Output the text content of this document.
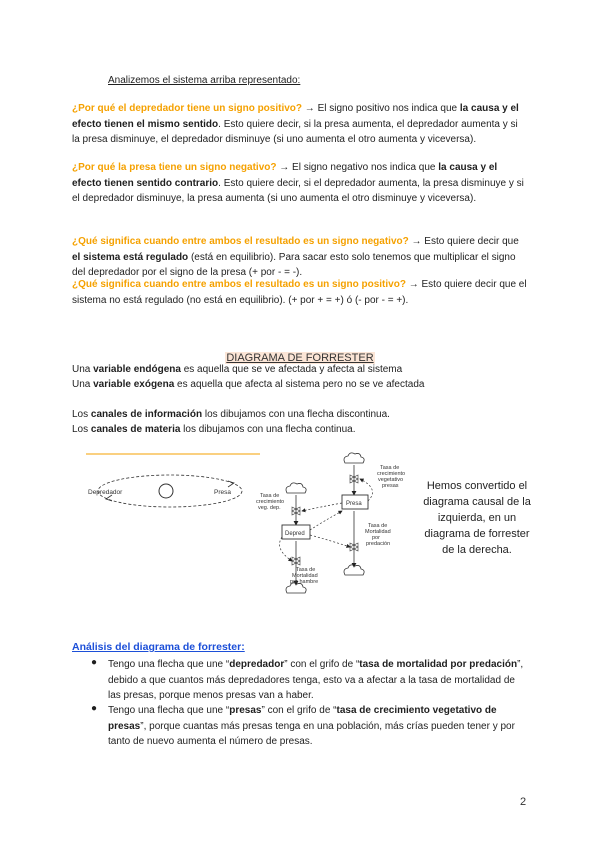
Analizemos el sistema arriba representado:
¿Por qué el depredador tiene un signo positivo? → El signo positivo nos indica que la causa y el efecto tienen el mismo sentido. Esto quiere decir, si la presa aumenta, el depredador aumenta y si la presa disminuye, el depredador disminuye (si uno aumenta el otro aumenta y viceversa).
¿Por qué la presa tiene un signo negativo? → El signo negativo nos indica que la causa y el efecto tienen sentido contrario. Esto quiere decir, si el depredador aumenta, la presa disminuye y si el depredador disminuye, la presa aumenta (si uno aumenta el otro disminuye y viceversa).
¿Qué significa cuando entre ambos el resultado es un signo negativo? → Esto quiere decir que el sistema está regulado (está en equilibrio). Para sacar esto solo tenemos que multiplicar el signo del depredador por el signo de la presa (+ por - = -).
¿Qué significa cuando entre ambos el resultado es un signo positivo? → Esto quiere decir que el sistema no está regulado (no está en equilibrio). (+ por + = +) ó (- por - = +).
DIAGRAMA DE FORRESTER
Una variable endógena es aquella que se ve afectada y afecta al sistema
Una variable exógena es aquella que afecta al sistema pero no se ve afectada
Los canales de información los dibujamos con una flecha discontinua.
Los canales de materia los dibujamos con una flecha continua.
Depredador	Presa
Presa
Depred
Tasa de crecimiento vegetativo presas
Tasa de crecimiento veg. dep.
Tasa de Mortalidad por predación
Tasa de Mortalidad por hambre
Hemos convertido el diagrama causal de la izquierda, en un diagrama de forrester de la derecha.
Análisis del diagrama de forrester:
● Tengo una flecha que une “depredador” con el grifo de “tasa de mortalidad por predación”, debido a que cuantos más depredadores tenga, esto va a afectar a la tasa de mortalidad de las presas, porque menos presas van a haber.
● Tengo una flecha que une “presas” con el grifo de “tasa de crecimiento vegetativo de presas”, porque cuantas más presas tenga en una población, más crías pueden tener y por tanto de nuevo aumenta el número de presas.
2
